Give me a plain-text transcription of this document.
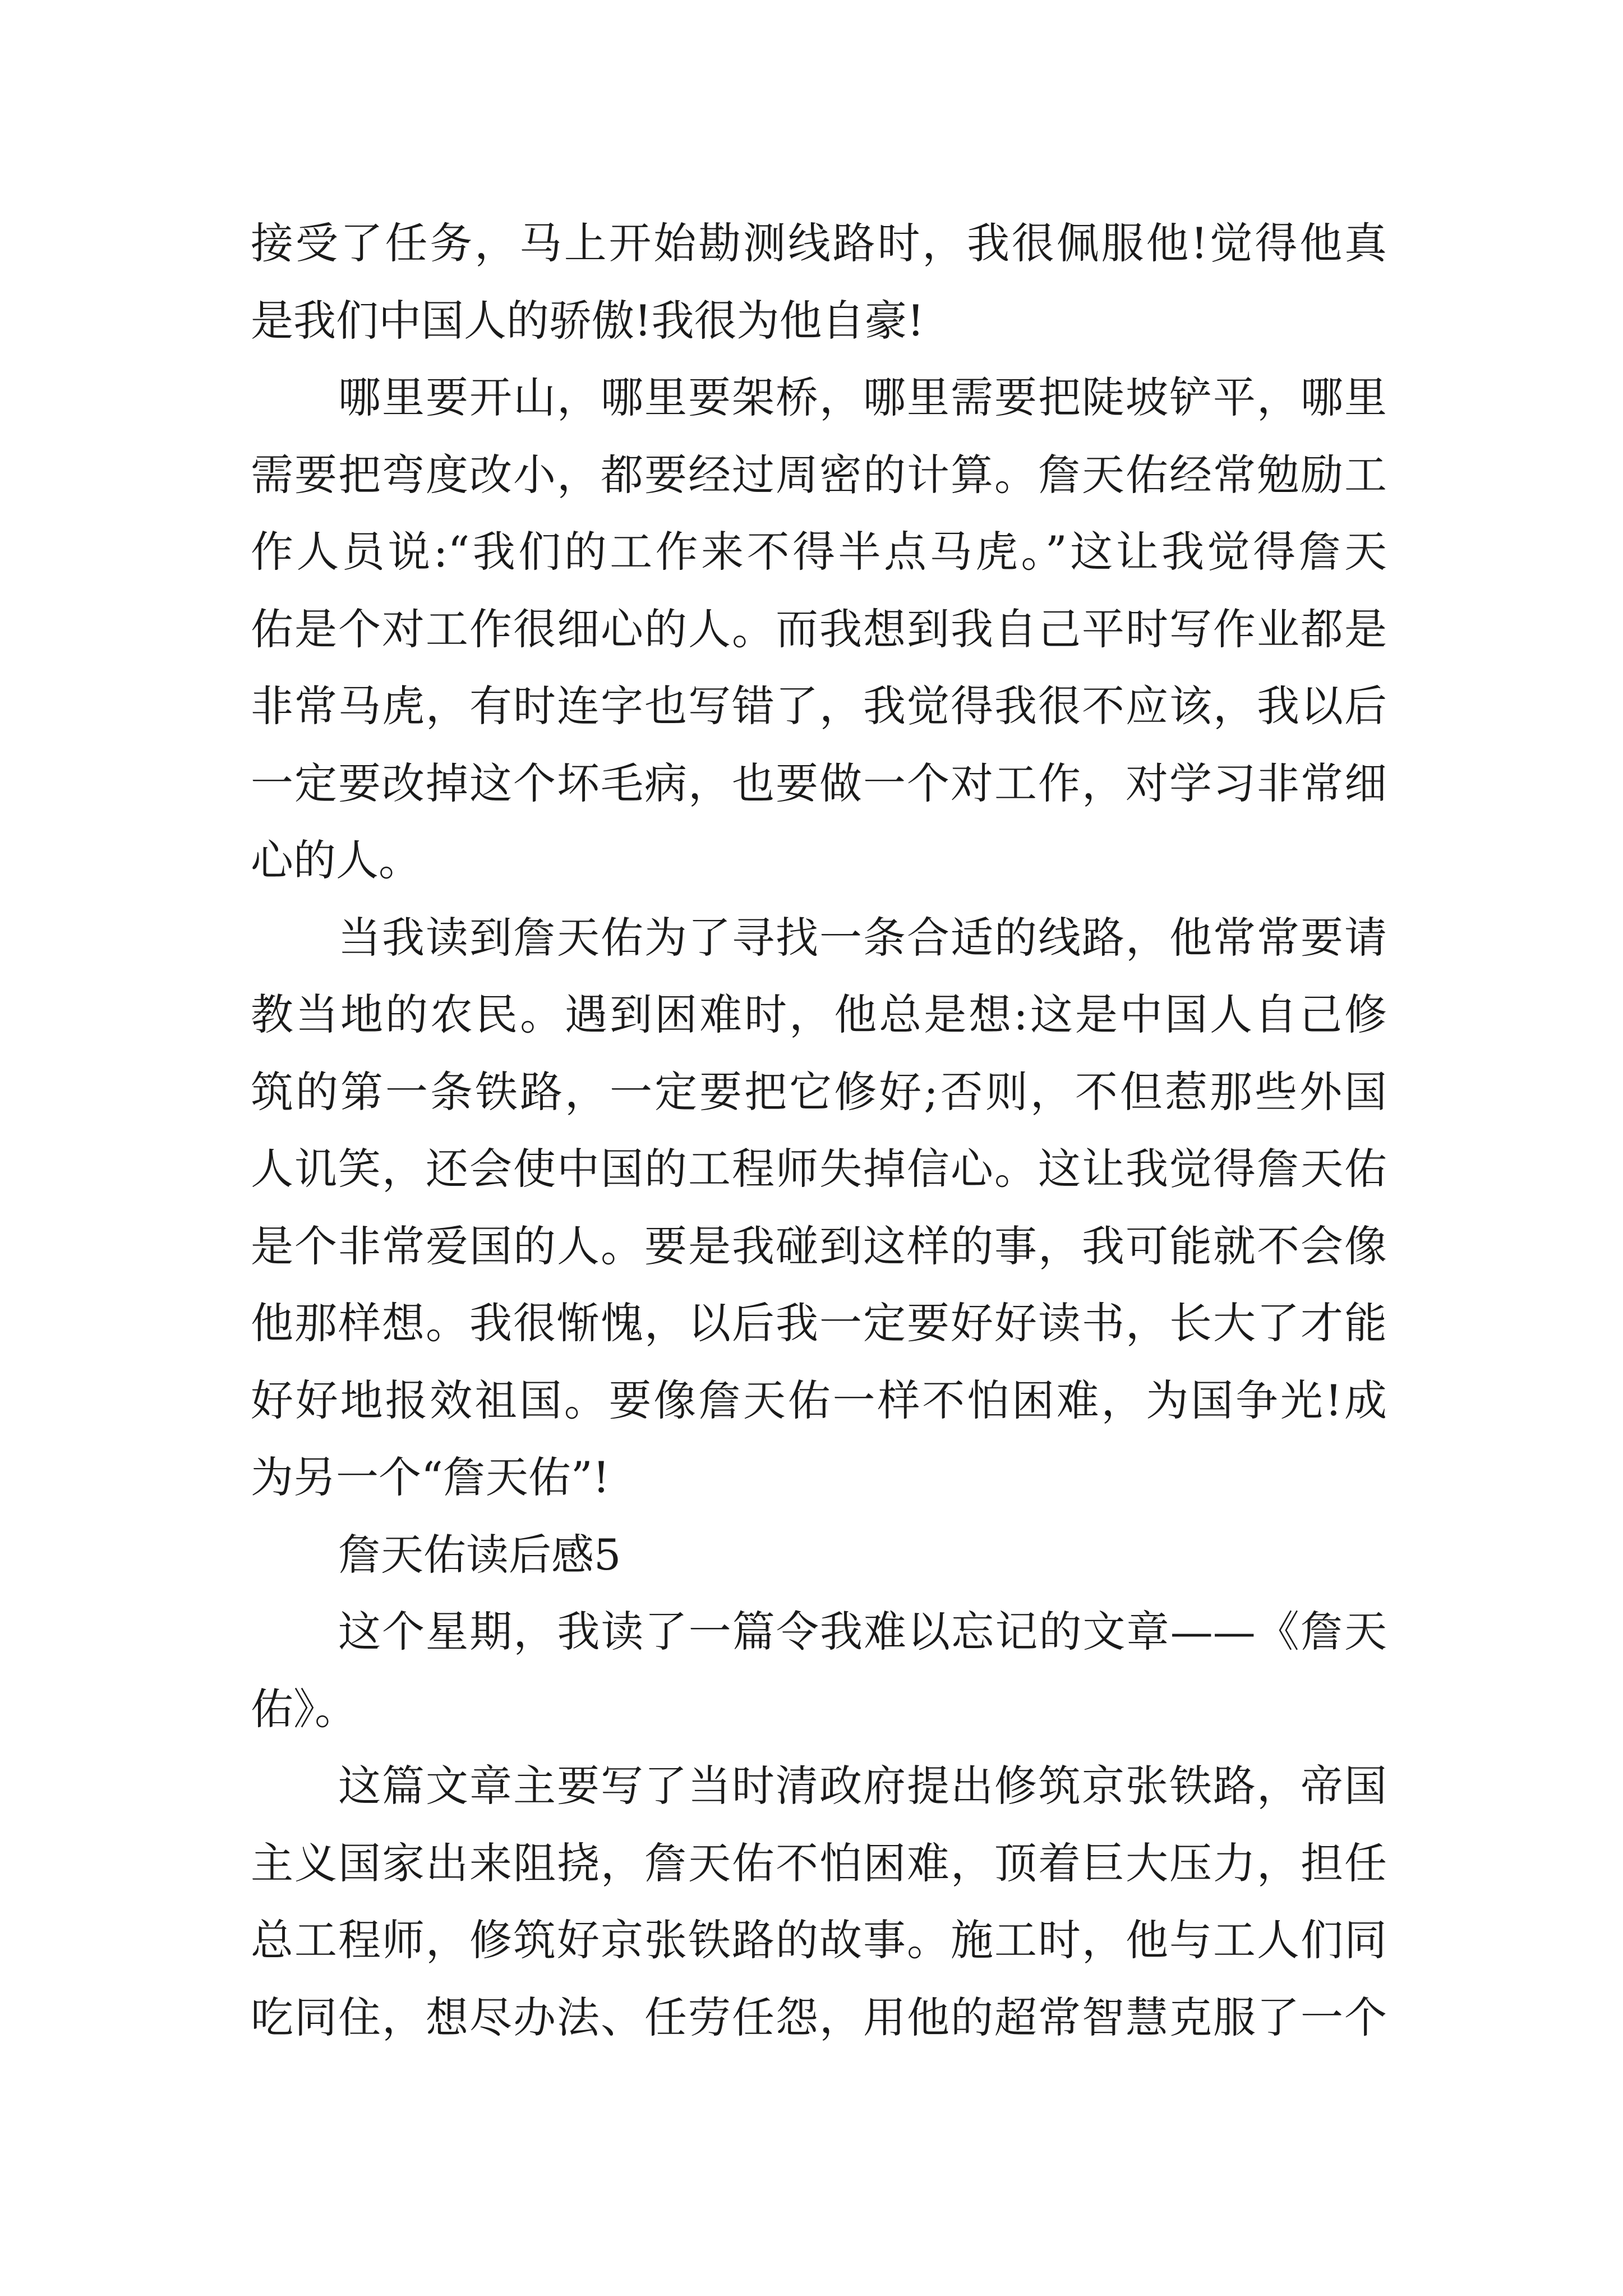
接受了任务，马上开始勘测线路时，我很佩服他!觉得他真
是我们中国人的骄傲!我很为他自豪!
哪里要开山，哪里要架桥，哪里需要把陡坡铲平，哪里
需要把弯度改小，都要经过周密的计算。詹天佑经常勉励工
作人员说:“我们的工作来不得半点马虎。”这让我觉得詹天
佑是个对工作很细心的人。而我想到我自己平时写作业都是
非常马虎，有时连字也写错了，我觉得我很不应该，我以后
一定要改掉这个坏毛病，也要做一个对工作，对学习非常细
心的人。
当我读到詹天佑为了寻找一条合适的线路，他常常要请
教当地的农民。遇到困难时，他总是想:这是中国人自己修
筑的第一条铁路，一定要把它修好;否则，不但惹那些外国
人讥笑，还会使中国的工程师失掉信心。这让我觉得詹天佑
是个非常爱国的人。要是我碰到这样的事，我可能就不会像
他那样想。我很惭愧，以后我一定要好好读书，长大了才能
好好地报效祖国。要像詹天佑一样不怕困难，为国争光!成
为另一个“詹天佑”!
詹天佑读后感5
这个星期，我读了一篇令我难以忘记的文章——《詹天
佑》。
这篇文章主要写了当时清政府提出修筑京张铁路，帝国
主义国家出来阻挠，詹天佑不怕困难，顶着巨大压力，担任
总工程师，修筑好京张铁路的故事。施工时，他与工人们同
吃同住，想尽办法、任劳任怨，用他的超常智慧克服了一个
